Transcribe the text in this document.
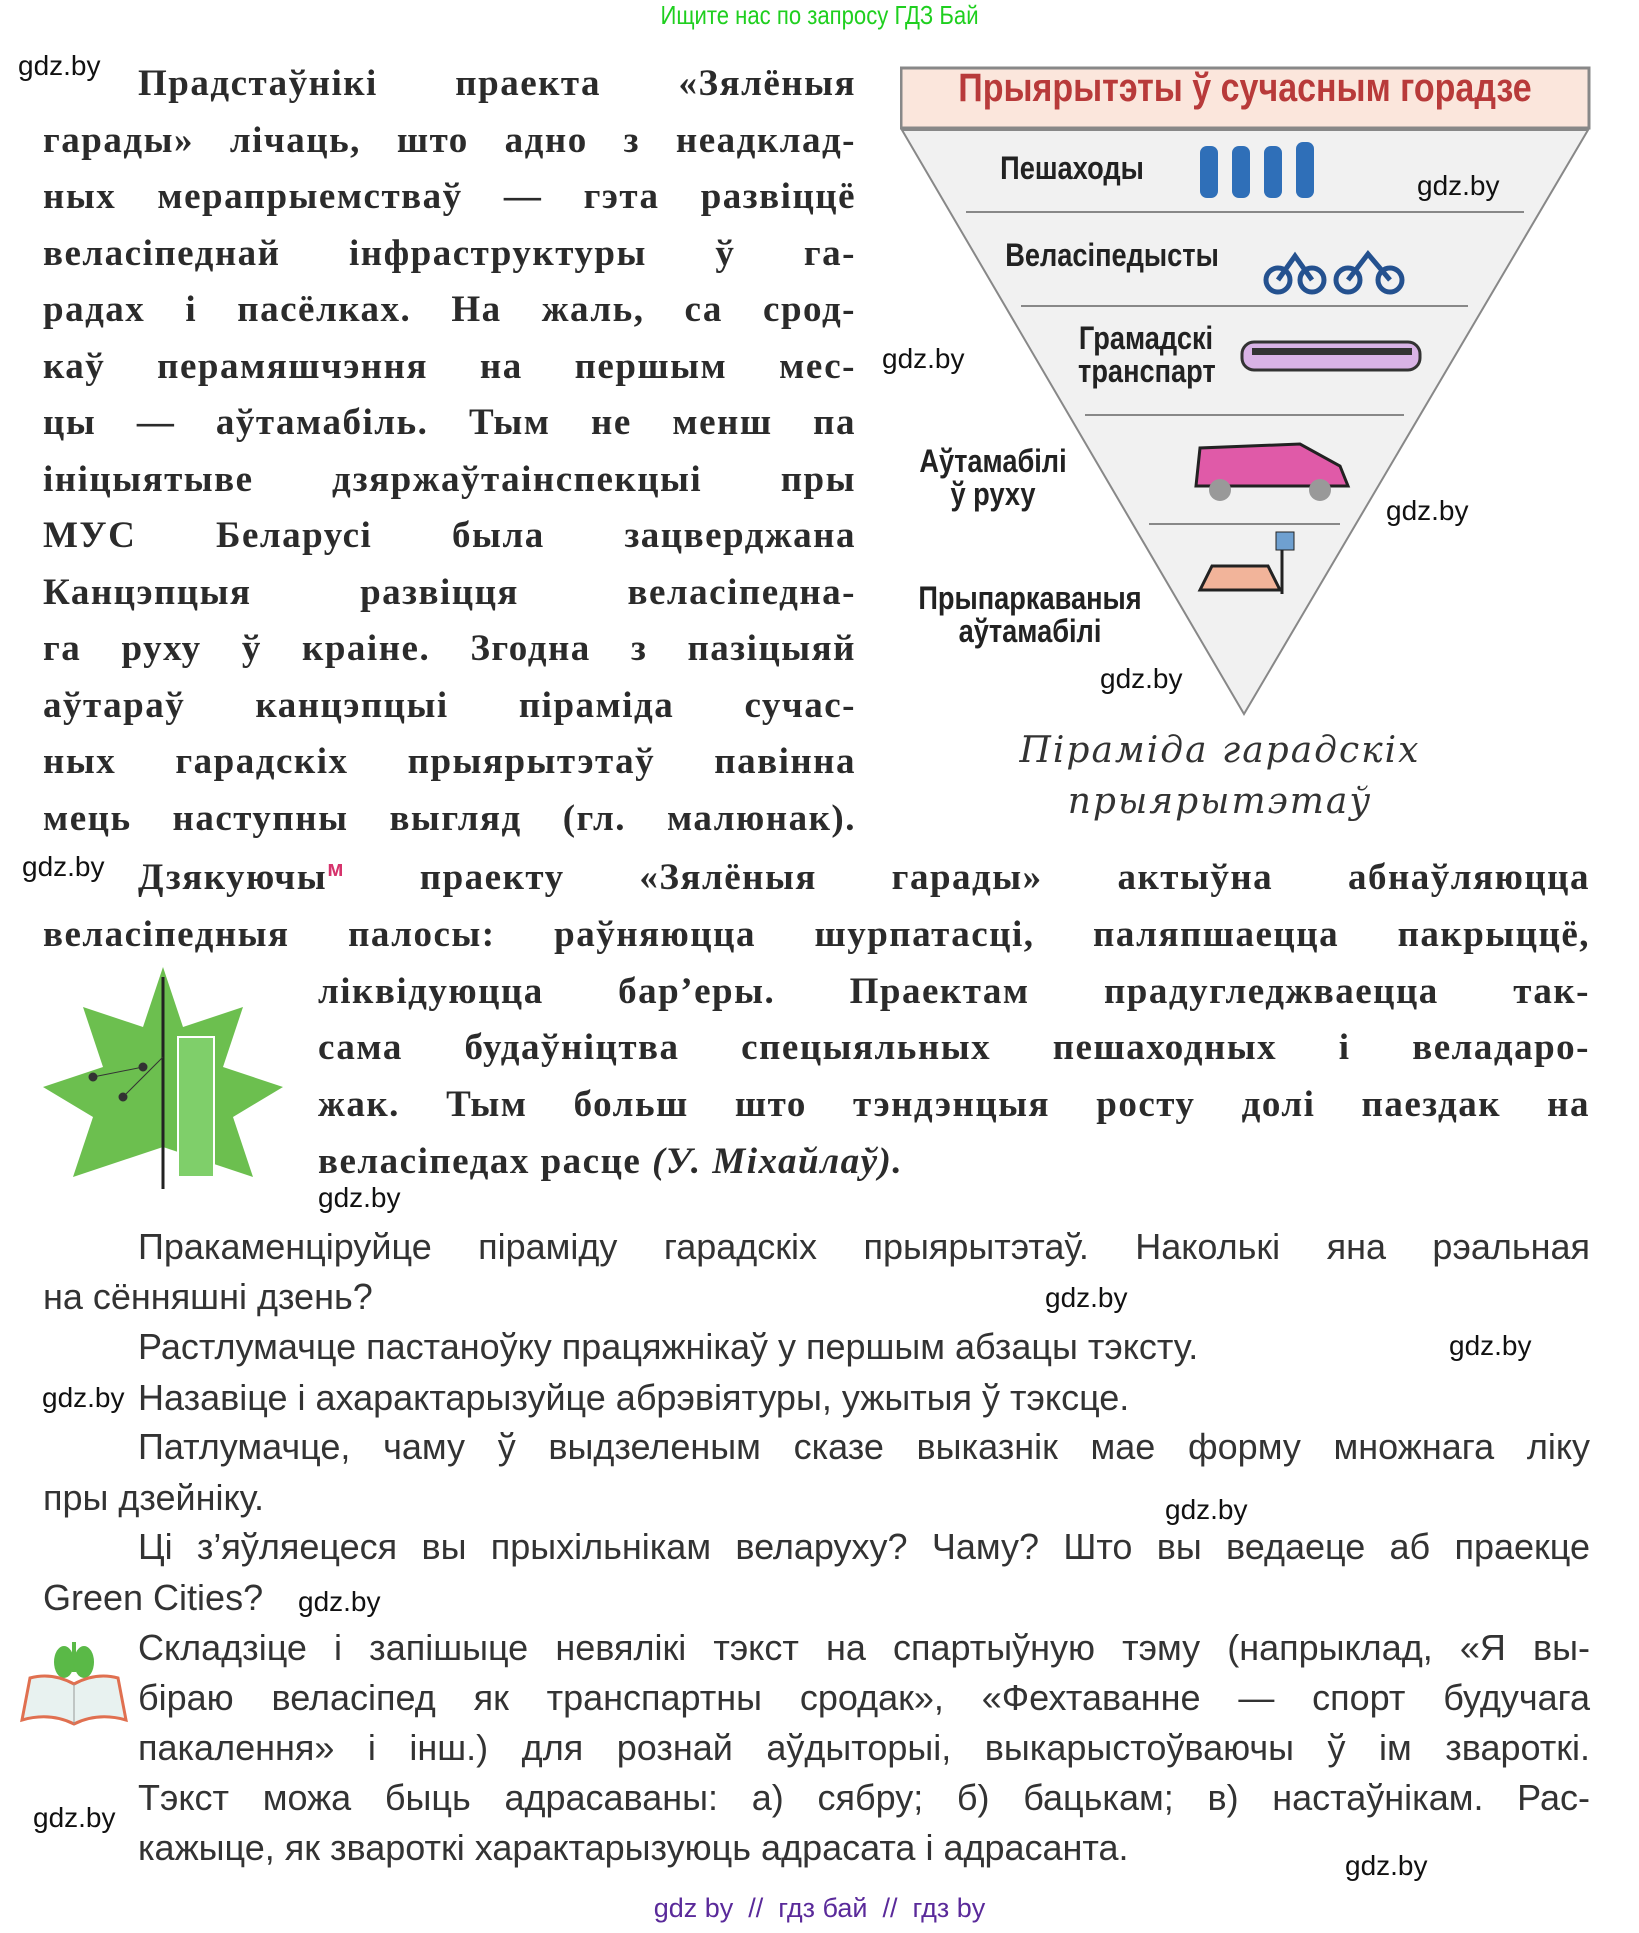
Ищите нас по запросу ГДЗ Бай
Прадстаўнікі праекта «Зялёныя
гарады» лічаць, што адно з неадклад-
ных мерапрыемстваў — гэта развіццё
веласіпеднай інфраструктуры ў га-
радах і пасёлках. На жаль, са срод-
каў перамяшчэння на першым мес-
цы — аўтамабіль. Тым не менш па
ініцыятыве дзяржаўтаінспекцыі пры
МУС Беларусі была зацверджана
Канцэпцыя развіцця веласіпедна-
га руху ў краіне. Згодна з пазіцыяй
аўтараў канцэпцыі піраміда сучас-
ных гарадскіх прыярытэтаў павінна
мець наступны выгляд (гл. малюнак).
Прыярытэты ў сучасным горадзе
Пешаходы
Веласіпедысты
Грамадскі
транспарт
Аўтамабілі
ў руху
Прыпаркаваныя
аўтамабілі
Піраміда гарадскіх
прыярытэтаў
Дзякуючы$^м$ праекту «Зялёныя гарады» актыўна абнаўляюцца
веласіпедныя палосы: раўняюцца шурпатасці, паляпшаецца пакрыццё,
ліквідуюцца бар’еры. Праектам прадугледжваецца так-
сама будаўніцтва спецыяльных пешаходных і веладаро-
жак. Тым больш што тэндэнцыя росту долі паездак на
веласіпедах расце (У. Міхайлаў).
Пракаменціруйце піраміду гарадскіх прыярытэтаў. Наколькі яна рэальная
на сённяшні дзень?
Растлумачце пастаноўку працяжнікаў у першым абзацы тэксту.
Назавіце і ахарактарызуйце абрэвіятуры, ужытыя ў тэксце.
Патлумачце, чаму ў выдзеленым сказе выказнік мае форму множнага ліку
пры дзейніку.
Ці з’яўляецеся вы прыхільнікам веларуху? Чаму? Што вы ведаеце аб праекце
Green Cities?
Складзіце і запішыце невялікі тэкст на спартыўную тэму (напрыклад, «Я вы-
біраю веласіпед як транспартны сродак», «Фехтаванне — спорт будучага
пакалення» і інш.) для рознай аўдыторыі, выкарыстоўваючы ў ім звароткі.
Тэкст можа быць адрасаваны: а) сябру; б) бацькам; в) настаўнікам. Рас-
кажыце, як звароткі характарызуюць адрасата і адрасанта.
gdz.by
gdz.by
gdz.by
gdz.by
gdz.by
gdz.by
gdz.by
gdz.by
gdz.by
gdz.by
gdz.by
gdz.by
gdz.by
gdz.by
gdz by  //  гдз бай  //  гдз by
